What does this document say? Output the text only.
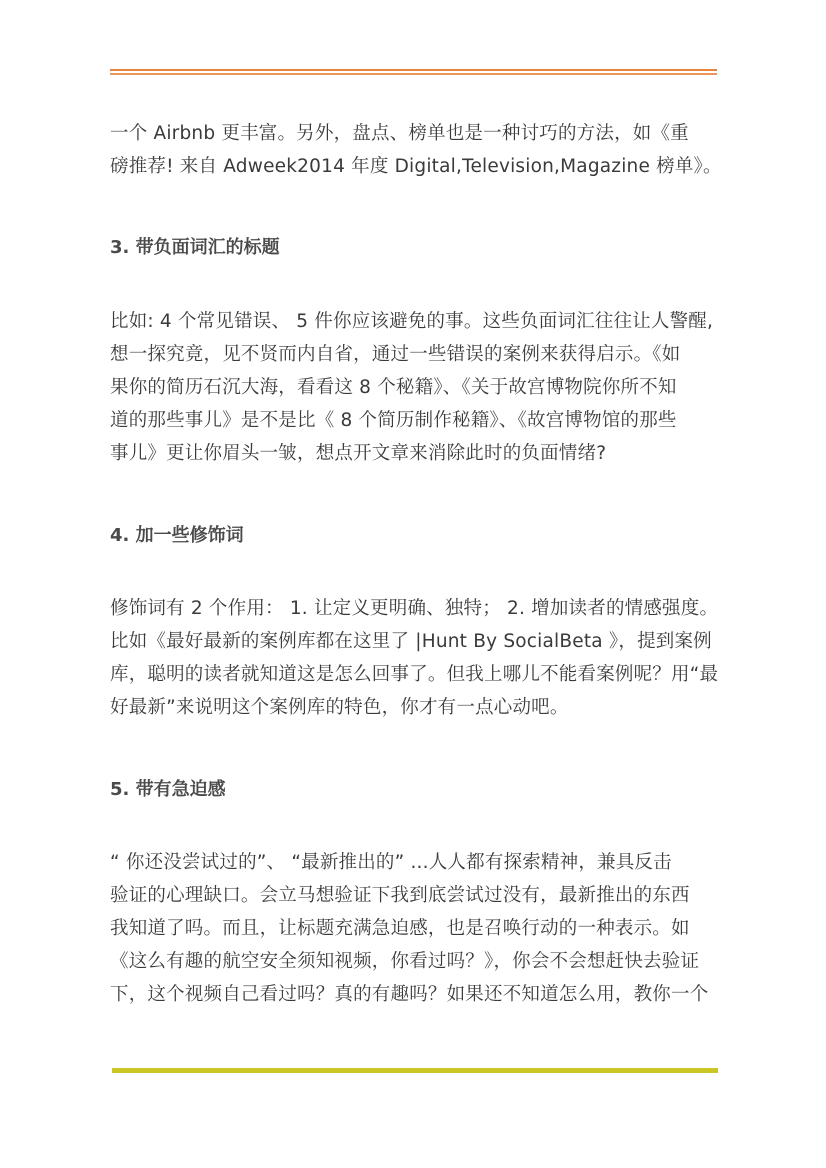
一个 Airbnb 更丰富。另外，盘点、榜单也是一种讨巧的方法，如《重
磅推荐! 来自 Adweek2014 年度 Digital,Television,Magazine 榜单》。
3. 带负面词汇的标题
比如: 4 个常见错误、 5 件你应该避免的事。这些负面词汇往往让人警醒,
想一探究竟，见不贤而内自省，通过一些错误的案例来获得启示。《如
果你的简历石沉大海，看看这 8 个秘籍》、《关于故宫博物院你所不知
道的那些事儿》是不是比《 8 个简历制作秘籍》、《故宫博物馆的那些
事儿》更让你眉头一皱，想点开文章来消除此时的负面情绪?
4. 加一些修饰词
修饰词有 2 个作用： 1. 让定义更明确、独特； 2. 增加读者的情感强度。
比如《最好最新的案例库都在这里了 |Hunt By SocialBeta 》，提到案例
库，聪明的读者就知道这是怎么回事了。但我上哪儿不能看案例呢？用“最
好最新”来说明这个案例库的特色，你才有一点心动吧。
5. 带有急迫感
“ 你还没尝试过的”、 “最新推出的” ...人人都有探索精神，兼具反击
验证的心理缺口。会立马想验证下我到底尝试过没有，最新推出的东西
我知道了吗。而且，让标题充满急迫感，也是召唤行动的一种表示。如
《这么有趣的航空安全须知视频，你看过吗？》，你会不会想赶快去验证
下，这个视频自己看过吗？真的有趣吗？如果还不知道怎么用，教你一个
